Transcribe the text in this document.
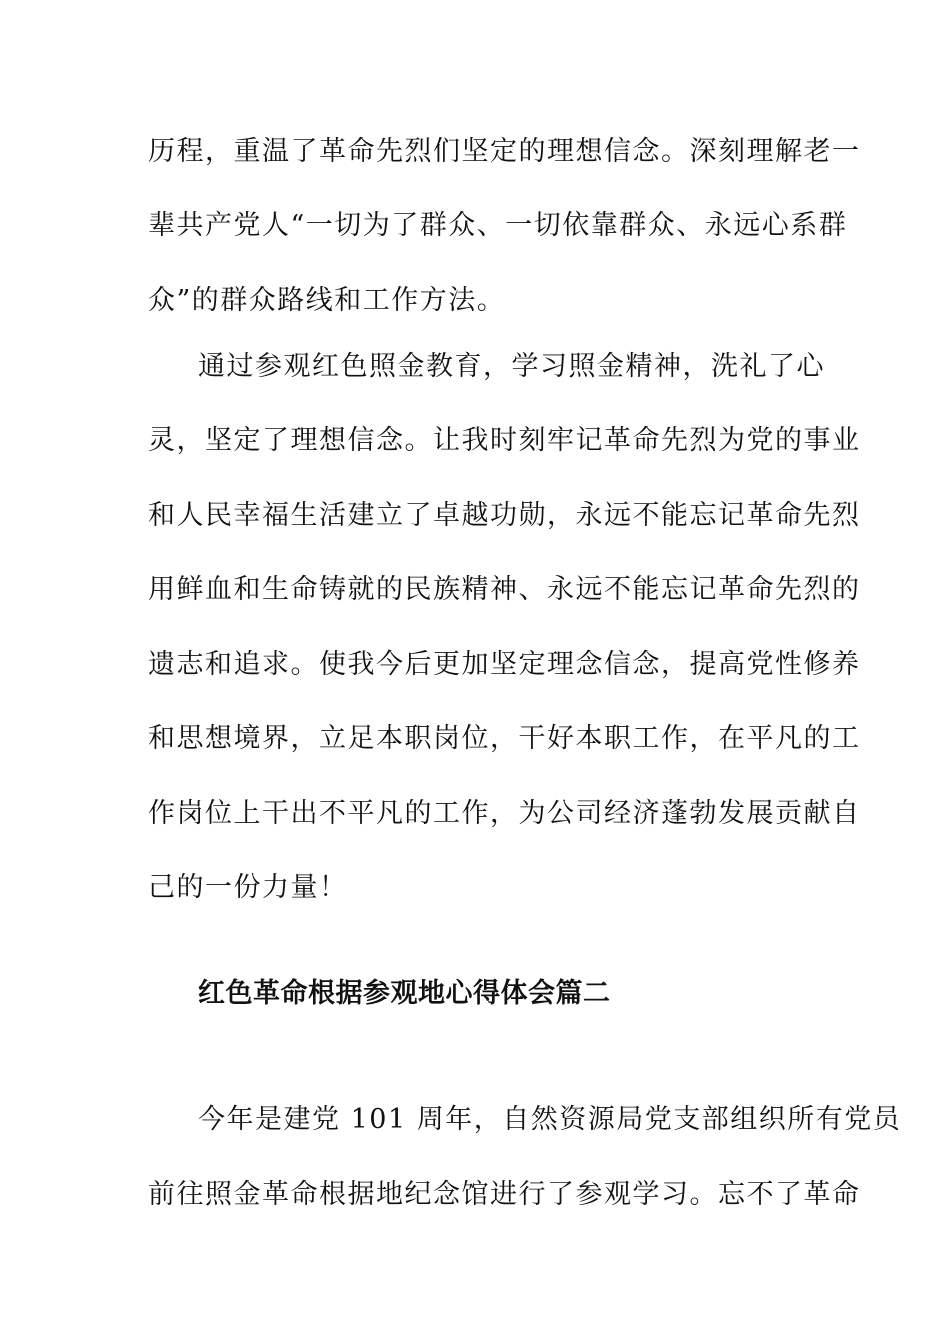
历程，重温了革命先烈们坚定的理想信念。深刻理解老一
辈共产党人“一切为了群众、一切依靠群众、永远心系群
众”的群众路线和工作方法。
通过参观红色照金教育，学习照金精神，洗礼了心
灵，坚定了理想信念。让我时刻牢记革命先烈为党的事业
和人民幸福生活建立了卓越功勋，永远不能忘记革命先烈
用鲜血和生命铸就的民族精神、永远不能忘记革命先烈的
遗志和追求。使我今后更加坚定理念信念，提高党性修养
和思想境界，立足本职岗位，干好本职工作，在平凡的工
作岗位上干出不平凡的工作，为公司经济蓬勃发展贡献自
己的一份力量！
红色革命根据参观地心得体会篇二
今年是建党 101 周年，自然资源局党支部组织所有党员
前往照金革命根据地纪念馆进行了参观学习。忘不了革命
